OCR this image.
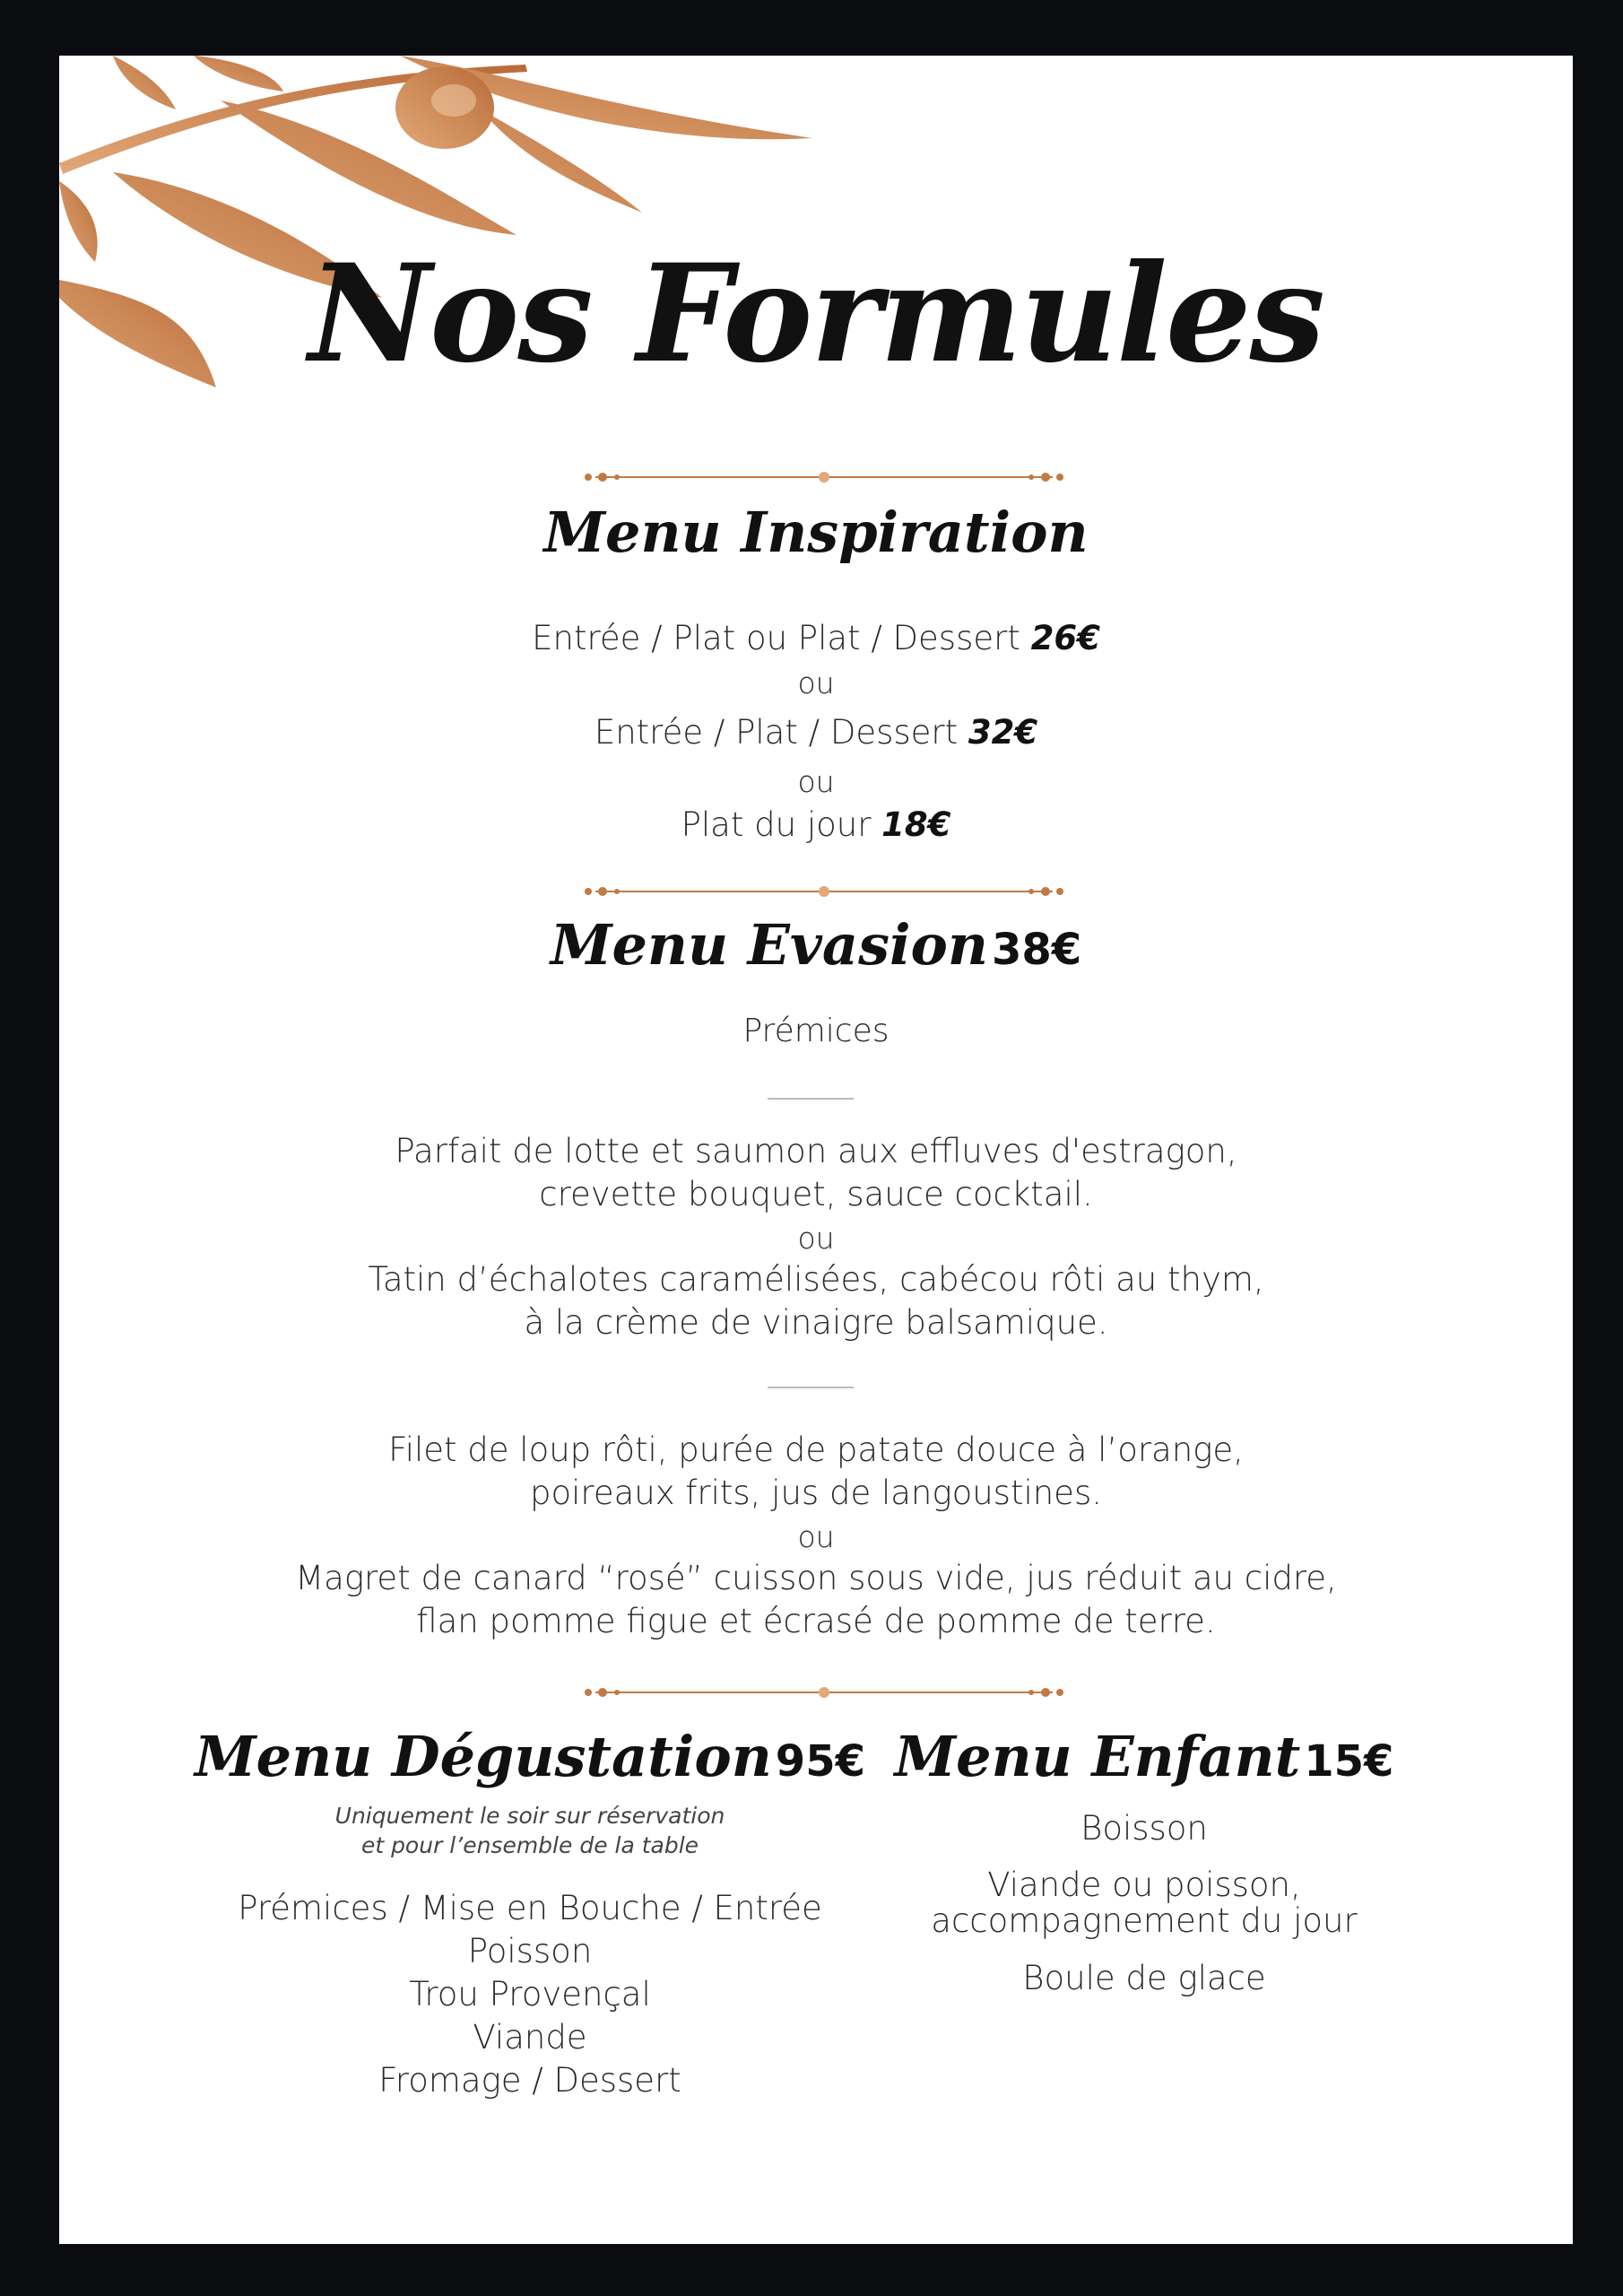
Nos Formules
Menu Inspiration
Entrée / Plat ou Plat / Dessert 26€
ou
Entrée / Plat / Dessert 32€
ou
Plat du jour 18€
Menu Evasion 38€
Prémices
Parfait de lotte et saumon aux effluves d'estragon,
crevette bouquet, sauce cocktail.
ou
Tatin d’échalotes caramélisées, cabécou rôti au thym,
à la crème de vinaigre balsamique.
Filet de loup rôti, purée de patate douce à l’orange,
poireaux frits, jus de langoustines.
ou
Magret de canard “rosé” cuisson sous vide, jus réduit au cidre,
flan pomme figue et écrasé de pomme de terre.
Menu Dégustation 95€
Uniquement le soir sur réservation
et pour l’ensemble de la table
Prémices / Mise en Bouche / Entrée
Poisson
Trou Provençal
Viande
Fromage / Dessert
Menu Enfant 15€
Boisson
Viande ou poisson,
accompagnement du jour
Boule de glace
